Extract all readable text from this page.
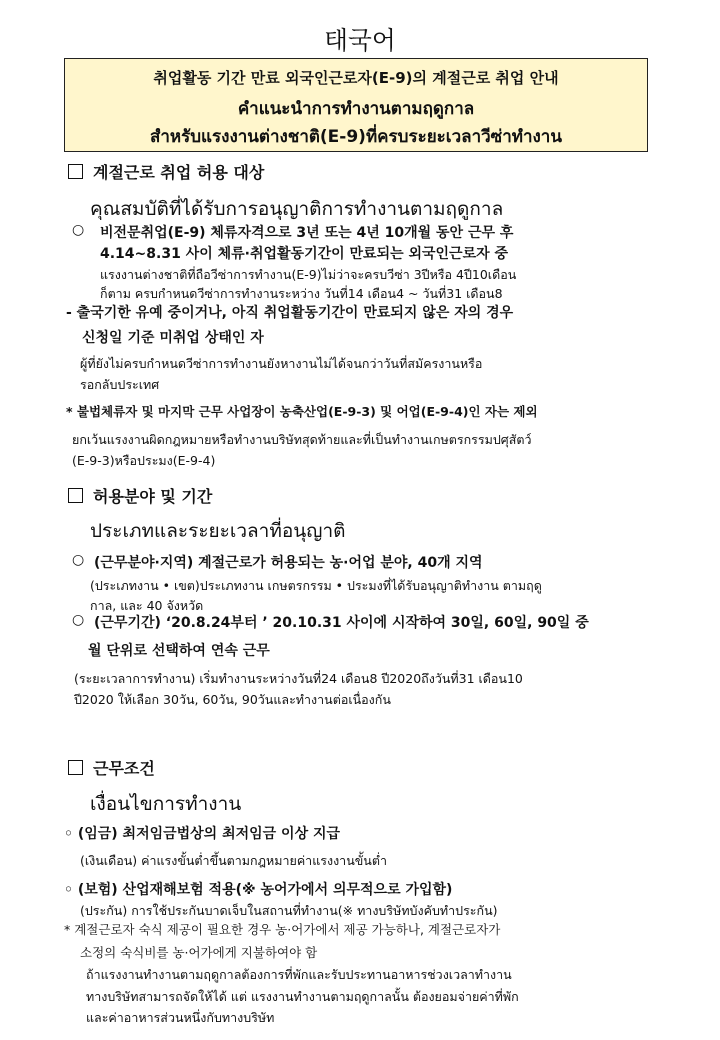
태국어
취업활동 기간 만료 외국인근로자(E-9)의 계절근로 취업 안내
คำแนะนำการทำงานตามฤดูกาล
สำหรับแรงงานต่างชาติ(E-9)ที่ครบระยะเวลาวีซ่าทำงาน
계절근로 취업 허용 대상
คุณสมบัติที่ได้รับการอนุญาติการทำงานตามฤดูกาล
○ 비전문취업(E-9) 체류자격으로 3년 또는 4년 10개월 동안 근무 후
4.14~8.31 사이 체류·취업활동기간이 만료되는 외국인근로자 중
แรงงานต่างชาติที่ถือวีซ่าการทำงาน(E-9)ไม่ว่าจะครบวีซ่า 3ปีหรือ 4ปี10เดือน
ก็ตาม ครบกำหนดวีซ่าการทำงานระหว่าง วันที่14 เดือน4 ~ วันที่31 เดือน8
- 출국기한 유예 중이거나, 아직 취업활동기간이 만료되지 않은 자의 경우
신청일 기준 미취업 상태인 자
ผู้ที่ยังไม่ครบกำหนดวีซ่าการทำงานยังหางานไม่ได้จนกว่าวันที่สมัครงานหรือ
รอกลับประเทศ
* 불법체류자 및 마지막 근무 사업장이 농축산업(E-9-3) 및 어업(E-9-4)인 자는 제외
ยกเว้นแรงงานผิดกฎหมายหรือทำงานบริษัทสุดท้ายและที่เป็นทำงานเกษตรกรรมปศุสัตว์
(E-9-3)หรือประมง(E-9-4)
허용분야 및 기간
ประเภทและระยะเวลาที่อนุญาติ
○ (근무분야·지역) 계절근로가 허용되는 농·어업 분야, 40개 지역
(ประเภทงาน • เขต)ประเภทงาน เกษตรกรรม • ประมงที่ได้รับอนุญาติทำงาน ตามฤดู
กาล, และ 40 จังหวัด
○ (근무기간) ‘20.8.24부터 ’ 20.10.31 사이에 시작하여 30일, 60일, 90일 중
월 단위로 선택하여 연속 근무
(ระยะเวลาการทำงาน) เริ่มทำงานระหว่างวันที่24 เดือน8 ปี2020ถึงวันที่31 เดือน10
ปี2020 ให้เลือก 30วัน, 60วัน, 90วันและทำงานต่อเนื่องกัน
근무조건
เงื่อนไขการทำงาน
◦ (임금) 최저임금법상의 최저임금 이상 지급
(เงินเดือน) ค่าแรงขั้นต่ำขึ้นตามกฎหมายค่าแรงงานขั้นต่ำ
◦ (보험) 산업재해보험 적용(※ 농어가에서 의무적으로 가입함)
(ประกัน) การใช้ประกันบาดเจ็บในสถานที่ทำงาน(※ ทางบริษัทบังคับทำประกัน)
* 계절근로자 숙식 제공이 필요한 경우 농·어가에서 제공 가능하나, 계절근로자가
소정의 숙식비를 농·어가에게 지불하여야 함
ถ้าแรงงานทำงานตามฤดูกาลต้องการที่พักและรับประทานอาหารช่วงเวลาทำงาน
ทางบริษัทสามารถจัดให้ได้ แต่ แรงงานทำงานตามฤดูกาลนั้น ต้องยอมจ่ายค่าที่พัก
และค่าอาหารส่วนหนึ่งกับทางบริษัท
